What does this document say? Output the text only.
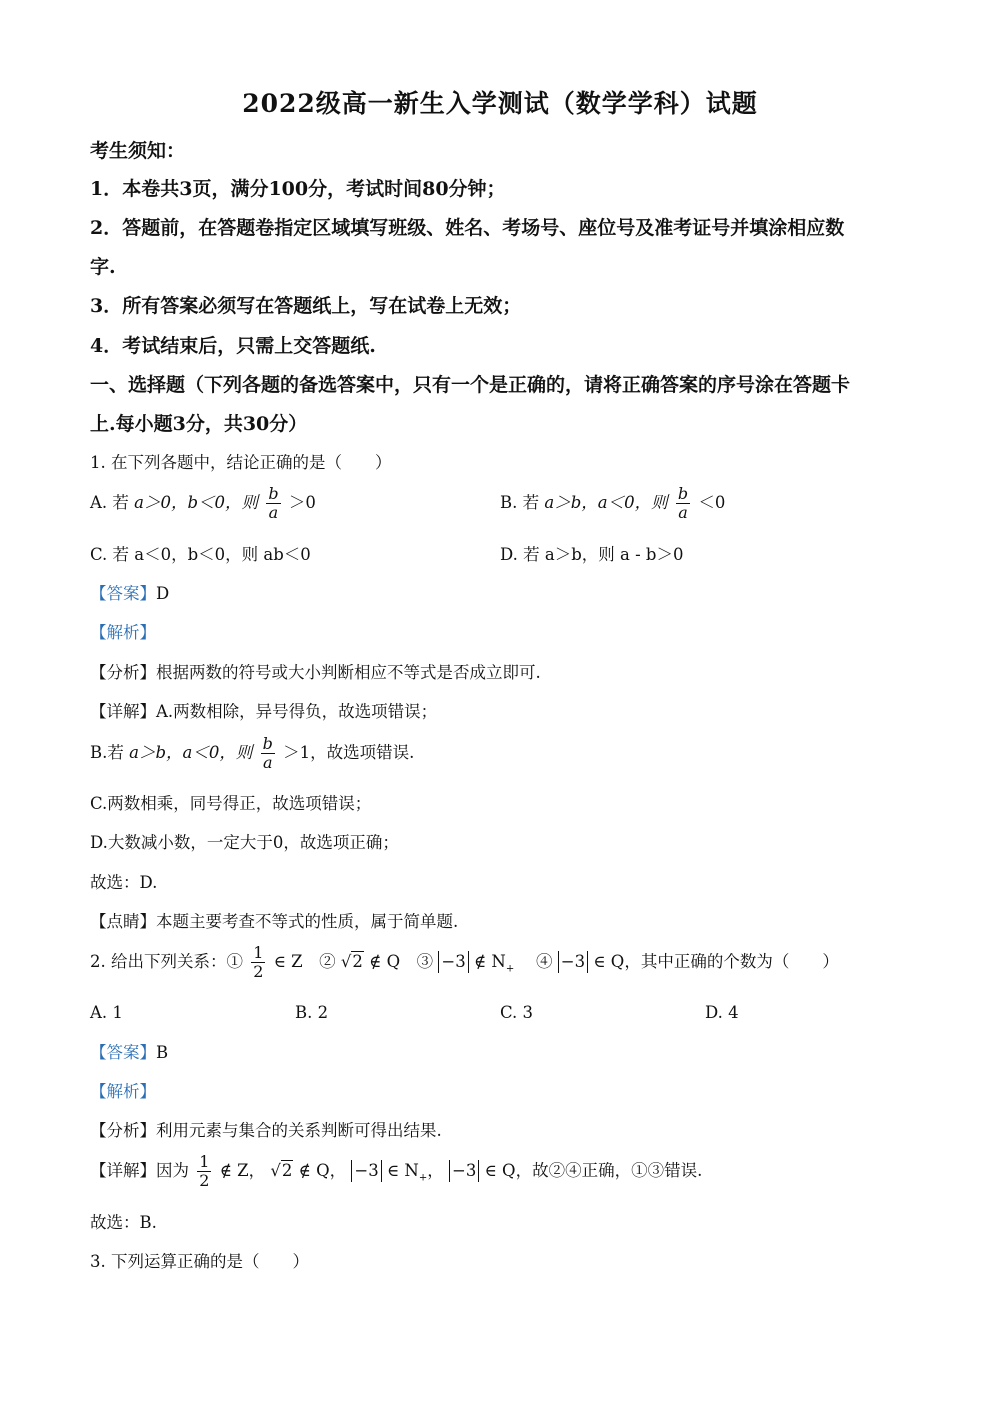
2022级高一新生入学测试（数学学科）试题
考生须知：
1．本卷共3页，满分100分，考试时间80分钟；
2．答题前，在答题卷指定区域填写班级、姓名、考场号、座位号及准考证号并填涂相应数
字.
3．所有答案必须写在答题纸上，写在试卷上无效；
4．考试结束后，只需上交答题纸.
一、选择题（下列各题的备选答案中，只有一个是正确的，请将正确答案的序号涂在答题卡
上.每小题3分，共30分）
1. 在下列各题中，结论正确的是（　　）
A. 若 a＞0，b＜0，则 $\frac{b}{a} >0$	B. 若 a＞b，a＜0，则 $\frac{b}{a} <0$
C. 若 a＜0，b＜0，则 ab＜0	D. 若 a＞b，则 a - b＞0
【答案】D
【解析】
【分析】根据两数的符号或大小判断相应不等式是否成立即可.
【详解】A.两数相除，异号得负，故选项错误；
B.若 a＞b，a＜0，则 $\frac{b}{a} >1$，故选项错误.
C.两数相乘，同号得正，故选项错误；
D.大数减小数，一定大于0，故选项正确；
故选：D.
【点睛】本题主要考查不等式的性质，属于简单题.
2. 给出下列关系：① $\frac{1}{2}$ ∈ Z　② √2 ∉ Q　③ −3 ∉ $N_+$ 　④ −3 ∈ Q，其中正确的个数为（　　）
A. 1	B. 2	C. 3	D. 4
【答案】B
【解析】
【分析】利用元素与集合的关系判断可得出结果.
【详解】因为 $\frac{1}{2}$ ∉ Z， √2 ∉ Q， −3 ∈ $N_+$， −3 ∈ Q，故②④正确，①③错误.
故选：B.
3. 下列运算正确的是（　　）
